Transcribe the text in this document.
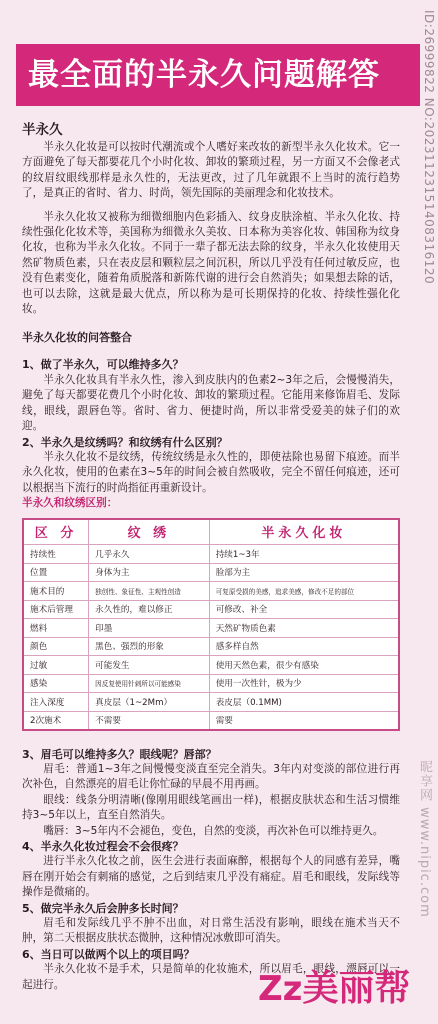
最全面的半永久问题解答	ID:26999822 NO:20231123151408316120
半永久

半永久化妆是可以按时代潮流或个人嗜好来改妆的新型半永久化妆术。它一方面避免了每天都要花几个小时化妆、卸妆的繁琐过程，另一方面又不会像老式的纹眉纹眼线那样是永久性的，无法更改，过了几年就跟不上当时的流行趋势了，是真正的省时、省力、时尚，领先国际的美丽理念和化妆技术。

半永久化妆又被称为细微细胞内色彩插入、纹身皮肤涂植、半永久化妆、持续性强化化妆术等，美国称为细微永久美妆、日本称为美容化妆、韩国称为纹身化妆，也称为半永久化妆。不同于一辈子都无法去除的纹身，半永久化妆使用天然矿物质色素，只在表皮层和颗粒层之间沉积，所以几乎没有任何过敏反应，也没有色素变化，随着角质脱落和新陈代谢的进行会自然消失；如果想去除的话，也可以去除，这就是最大优点，所以称为是可长期保持的化妆、持续性强化化妆。

半永久化妆的问答整合
1、做了半永久，可以维持多久？

半永久化妆具有半永久性，渗入到皮肤内的色素2~3年之后，会慢慢消失，避免了每天都要花费几个小时化妆、卸妆的繁琐过程。它能用来修饰眉毛、发际线，眼线，跟唇色等。省时、省力、便捷时尚，所以非常受爱美的妹子们的欢迎。

2、半永久是纹绣吗？和纹绣有什么区别？

半永久化妆不是纹绣，传统纹绣是永久性的，即使祛除也易留下痕迹。而半永久化妆，使用的色素在3~5年的时间会被自然吸收，完全不留任何痕迹，还可以根据当下流行的时尚指征再重新设计。

半永久和纹绣区别：
区 分	纹 绣	半永久化妆
持续性	几乎永久	持续1~3年
位置	身体为主	脸部为主
施术目的	独创性、象征性、主观性创造	可复原受损的美感，追求美感，修改不足的部位
施术后管理	永久性的，难以修正	可修改、补全
燃料	印墨	天然矿物质色素
颜色	黑色、强烈的形象	感多样自然
过敏	可能发生	使用天然色素，很少有感染
感染	因反复使用针刺所以可能感染	使用一次性针，极为少
注入深度	真皮层（1~2Mm）	表皮层（0.1MM)
2次施术	不需要	需要
3、眉毛可以维持多久？眼线呢？唇部？

眉毛：普通1~3年之间慢慢变淡直至完全消失。3年内对变淡的部位进行再次补色，自然漂亮的眉毛让你忙碌的早晨不用再画。

眼线：线条分明清晰(像刚用眼线笔画出一样)，根据皮肤状态和生活习惯维持3~5年以上，直至自然消失。

嘴唇：3~5年内不会褪色，变色，自然的变淡，再次补色可以维持更久。

4、半永久化妆过程会不会很疼？

进行半永久化妆之前，医生会进行表面麻醉，根据每个人的同感有差异，嘴唇在刚开始会有刺痛的感觉，之后到结束几乎没有痛症。眉毛和眼线，发际线等操作是微痛的。

5、做完半永久后会肿多长时间？

眉毛和发际线几乎不肿不出血，对日常生活没有影响，眼线在施术当天不肿，第二天根据皮肤状态微肿，这种情况冰敷即可消失。

6、当日可以做两个以上的项目吗？

半永久化妆不是手术，只是简单的化妆施术，所以眉毛，眼线，漂唇可以一起进行。	Zz美丽帮
昵享网 www.nipic.com
